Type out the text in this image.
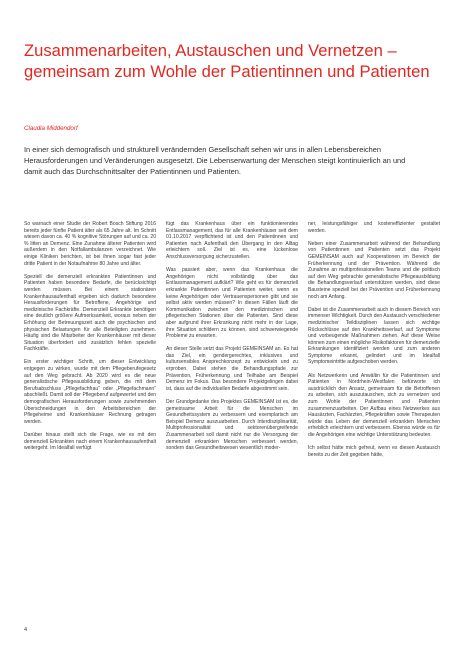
Zusammenarbeiten, Austauschen und Vernetzen – gemeinsam zum Wohle der Patientinnen und Patienten
Claudia Middendorf

In einer sich demografisch und strukturell verändernden Gesellschaft sehen wir uns in allen Lebensbereichen Herausforderungen und Veränderungen ausgesetzt. Die Lebenserwartung der Menschen steigt kontinuierlich an und damit auch das Durchschnittsalter der Patientinnen und Patienten.

So warnach einer Studie der Robert Bosch Stiftung 2016 bereits jeder fünfte Patient älter als 65 Jahre alt. Im Schnitt wiesen davon ca. 40 % kognitive Störungen auf und ca. 20 % litten an Demenz. Eine Zunahme älterer Patienten wird außerdem in den Notfallambulanzen verzeichnet. Wie einige Kliniken berichten, ist bei ihnen sogar fast jeder dritte Patient in der Notaufnahme 80 Jahre und älter.

Speziell die demenziell erkrankten Patientinnen und Patienten haben besondere Bedarfe, die berücksichtigt werden müssen. Bei einem stationären Krankenhausaufenthalt ergeben sich dadurch besondere Herausforderungen für Betroffene, Angehörige und medizinische Fachkräfte. Demenziell Erkrankte benötigen eine deutlich größere Aufmerksamkeit, woraus neben der Erhöhung der Betreuungszeit auch die psychischen und physischen Belastungen für alle Beteiligten zunehmen. Häufig sind die Mitarbeiter der Krankenhäuser mit dieser Situation überfordert und zusätzlich fehlen spezielle Fachkräfte.

Ein erster wichtiger Schritt, um dieser Entwicklung entgegen zu wirken, wurde mit dem Pflegeberufegesetz auf den Weg gebracht. Ab 2020 wird es die neue generalistische Pflegeausbildung geben, die mit dem Berufsabschluss „Pflegefachfrau" oder „Pflegefachmann" abschließt. Damit soll der Pflegeberuf aufgewertet und den demografischen Herausforderungen sowie zunehmenden Überschneidungen in den Arbeitsbereichen der Pflegeheime und Krankenhäuser Rechnung getragen werden.

Darüber hinaus stellt sich die Frage, wie es mit den demenziell Erkrankten nach einem Krankenhausaufenthalt weitergeht. Im Idealfall verfügt

fügt das Krankenhaus über ein funktionierendes Entlassmanagement, das für alle Krankenhäuser seit dem 01.10.2017 verpflichtend ist und den Patientinnen und Patienten nach Aufenthalt den Übergang in den Alltag erleichtern soll. Ziel ist es, eine lückenlose Anschlussversorgung sicherzustellen.

Was passiert aber, wenn das Krankenhaus die Angehörigen nicht vollständig über das Entlassmanagement aufklärt? Wie geht es für demenziell erkrankte Patientinnen und Patienten weiter, wenn es keine Angehörigen oder Vertrauenspersonen gibt und sie selbst aktiv werden müssen? In diesen Fällen läuft die Kommunikation zwischen den medizinischen und pflegerischen Stationen über die Patienten. Sind diese aber aufgrund ihrer Erkrankung nicht mehr in der Lage, ihre Situation schildern zu können, sind schwerwiegende Probleme zu erwarten.

An dieser Stelle setzt das Projekt GEMEINSAM an. Es hat das Ziel, ein gendergerechtes, inklusives und kultursensibles Ansprechkonzept zu entwickeln und zu erproben. Dabei stehen die Behandlungspfade zur Prävention, Früherkennung und Teilhabe am Beispiel Demenz im Fokus. Das besondere Projektgelingen dabei ist, dass auf die individuellen Bedarfe abgestimmt sein.

Der Grundgedanke des Projektes GEMEINSAM ist es, die gemeinsame Arbeit für die Menschen im Gesundheitssystem zu verbessern und exemplarisch am Beispiel Demenz auszuarbeiten. Durch Interdisziplinarität, Multiprofessionalität und sektorenübergreifende Zusammenarbeit soll damit nicht nur die Versorgung der demenziell erkrankten Menschen verbessert werden, sondern das Gesundheitswesen wesentlich moder-

ner, leistungsfähiger und kosteneffizienter gestaltet werden.

Neben einer Zusammenarbeit während der Behandlung von Patientinnen und Patienten setzt das Projekt GEMEINSAM auch auf Kooperationen im Bereich der Früherkennung und der Prävention. Während die Zunahme an multiprofessionellen Teams und die politisch auf den Weg gebrachte generalistische Pflegeausbildung die Behandlungsverlauf unterstützen werden, sind diese Bausteine speziell bei der Prävention und Früherkennung noch am Anfang.

Dabei ist die Zusammenarbeit auch in diesem Bereich von immenser Wichtigkeit. Durch den Austausch verschiedener medizinischer Teildisziplinen lassen sich wichtige Rückschlüsse auf den Krankheitsverlauf, auf Symptome und vorbeugende Maßnahmen ziehen. Auf diese Weise können zum einen mögliche Risikofaktoren für demenzielle Erkrankungen identifiziert werden und zum anderen Symptome erkannt, gelindert und im Idealfall Symptomeintritte aufgeschoben werden.

Als Netzwerkerin und Anwältin für die Patientinnen und Patienten in Nordrhein-Westfalen befürworte ich ausdrücklich den Ansatz, gemeinsam für die Betroffenen zu arbeiten, sich auszutauschen, sich zu vernetzen und zum Wohle der Patientinnen und Patienten zusammenzuarbeiten. Der Aufbau eines Netzwerkes aus Hausärzten, Fachärzten, Pflegekräften sowie Therapeuten würde das Leben der demenziell erkrankten Menschen erheblich erleichtern und verbessern. Ebenso würde es für die Angehörigen eine wichtige Unterstützung bedeuten.

Ich selbst hätte mich gefreut, wenn es diesen Austausch bereits zu der Zeit gegeben hätte,

4
